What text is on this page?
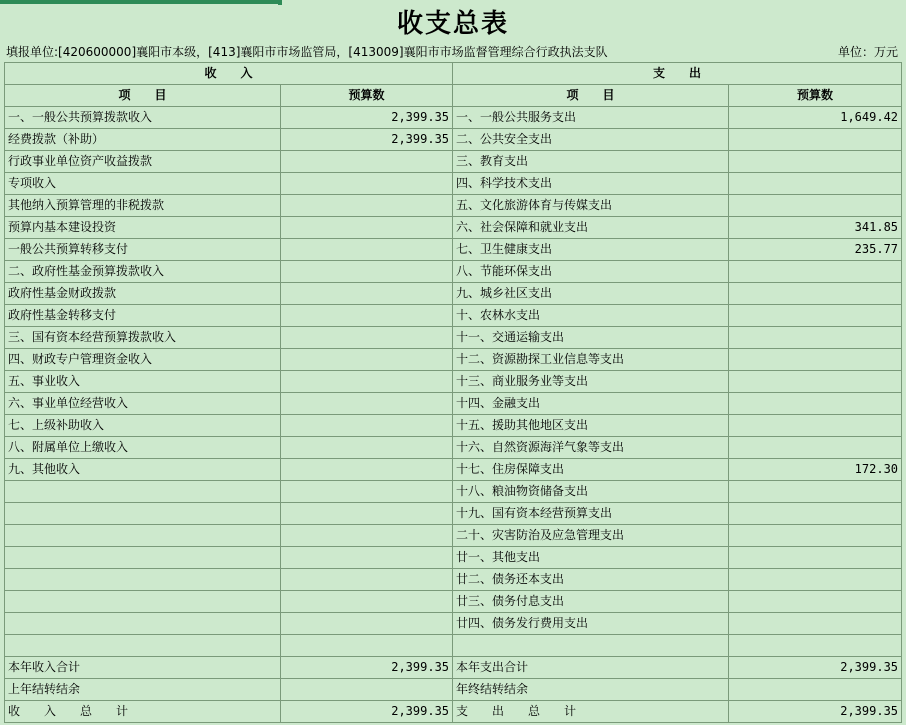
收支总表
填报单位:[420600000]襄阳市本级，[413]襄阳市市场监管局，[413009]襄阳市市场监督管理综合行政执法支队	单位：万元
收　　入		支　　出	
项　　目	预算数	项　　目	预算数
一、一般公共预算拨款收入	2,399.35	一、一般公共服务支出	1,649.42
经费拨款（补助）	2,399.35	二、公共安全支出	
行政事业单位资产收益拨款		三、教育支出	
专项收入		四、科学技术支出	
其他纳入预算管理的非税拨款		五、文化旅游体育与传媒支出	
预算内基本建设投资		六、社会保障和就业支出	341.85
一般公共预算转移支付		七、卫生健康支出	235.77
二、政府性基金预算拨款收入		八、节能环保支出	
政府性基金财政拨款		九、城乡社区支出	
政府性基金转移支付		十、农林水支出	
三、国有资本经营预算拨款收入		十一、交通运输支出	
四、财政专户管理资金收入		十二、资源勘探工业信息等支出	
五、事业收入		十三、商业服务业等支出	
六、事业单位经营收入		十四、金融支出	
七、上级补助收入		十五、援助其他地区支出	
八、附属单位上缴收入		十六、自然资源海洋气象等支出	
九、其他收入		十七、住房保障支出	172.30
		十八、粮油物资储备支出	
		十九、国有资本经营预算支出	
		二十、灾害防治及应急管理支出	
		廿一、其他支出	
		廿二、债务还本支出	
		廿三、债务付息支出	
		廿四、债务发行费用支出	

本年收入合计	2,399.35	本年支出合计	2,399.35
上年结转结余		年终结转结余	
收　　入　　总　　计	2,399.35	支　　出　　总　　计	2,399.35
